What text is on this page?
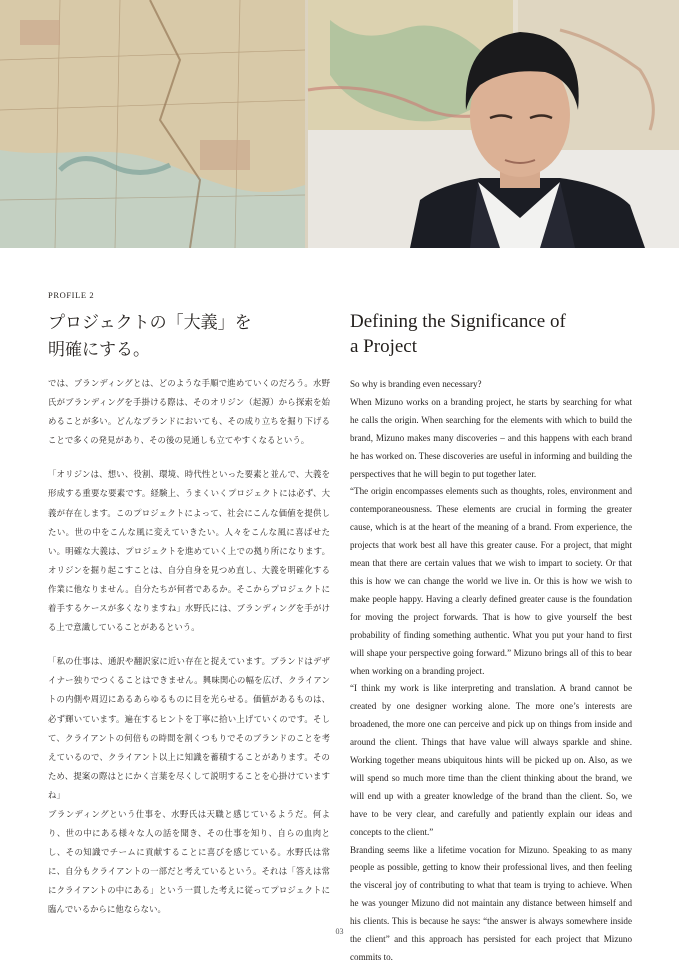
PROFILE 2
プロジェクトの「大義」を
明確にする。
Defining the Significance of
a Project

では、ブランディングとは、どのような手順で進めていくのだろう。水野氏がブランディングを手掛ける際は、そのオリジン（起源）から探索を始めることが多い。どんなブランドにおいても、その成り立ちを掘り下げることで多くの発見があり、その後の見通しも立てやすくなるという。

「オリジンは、想い、役割、環境、時代性といった要素と並んで、大義を形成する重要な要素です。経験上、うまくいくプロジェクトには必ず、大義が存在します。このプロジェクトによって、社会にこんな価値を提供したい。世の中をこんな風に変えていきたい。人々をこんな風に喜ばせたい。明確な大義は、プロジェクトを進めていく上での拠り所になります。オリジンを掘り起こすことは、自分自身を見つめ直し、大義を明確化する作業に他なりません。自分たちが何者であるか。そこからプロジェクトに着手するケースが多くなりますね」水野氏には、ブランディングを手がける上で意識していることがあるという。

「私の仕事は、通訳や翻訳家に近い存在と捉えています。ブランドはデザイナー独りでつくることはできません。興味関心の幅を広げ、クライアントの内側や周辺にあるあらゆるものに目を光らせる。価値があるものは、必ず輝いています。遍在するヒントを丁寧に拾い上げていくのです。そして、クライアントの何倍もの時間を割くつもりでそのブランドのことを考えているので、クライアント以上に知識を蓄積することがあります。そのため、提案の際はとにかく言葉を尽くして説明することを心掛けていますね」

ブランディングという仕事を、水野氏は天職と感じているようだ。何より、世の中にある様々な人の話を聞き、その仕事を知り、自らの血肉とし、その知識でチームに貢献することに喜びを感じている。水野氏は常に、自分もクライアントの一部だと考えているという。それは「答えは常にクライアントの中にある」という一貫した考えに従ってプロジェクトに臨んでいるからに他ならない。

So why is branding even necessary?

When Mizuno works on a branding project, he starts by searching for what he calls the origin. When searching for the elements with which to build the brand, Mizuno makes many discoveries – and this happens with each brand he has worked on. These discoveries are useful in informing and building the perspectives that he will begin to put together later.

“The origin encompasses elements such as thoughts, roles, environment and contemporaneousness. These elements are crucial in forming the greater cause, which is at the heart of the meaning of a brand. From experience, the projects that work best all have this greater cause. For a project, that might mean that there are certain values that we wish to impart to society. Or that this is how we can change the world we live in. Or this is how we wish to make people happy. Having a clearly defined greater cause is the foundation for moving the project forwards. That is how to give yourself the best probability of finding something authentic. What you put your hand to first will shape your perspective going forward.” Mizuno brings all of this to bear when working on a branding project.

“I think my work is like interpreting and translation. A brand cannot be created by one designer working alone. The more one’s interests are broadened, the more one can perceive and pick up on things from inside and around the client. Things that have value will always sparkle and shine. Working together means ubiquitous hints will be picked up on. Also, as we will spend so much more time than the client thinking about the brand, we will end up with a greater knowledge of the brand than the client. So, we have to be very clear, and carefully and patiently explain our ideas and concepts to the client.”

Branding seems like a lifetime vocation for Mizuno. Speaking to as many people as possible, getting to know their professional lives, and then feeling the visceral joy of contributing to what that team is trying to achieve. When he was younger Mizuno did not maintain any distance between himself and his clients. This is because he says: “the answer is always somewhere inside the client” and this approach has persisted for each project that Mizuno commits to.

03
